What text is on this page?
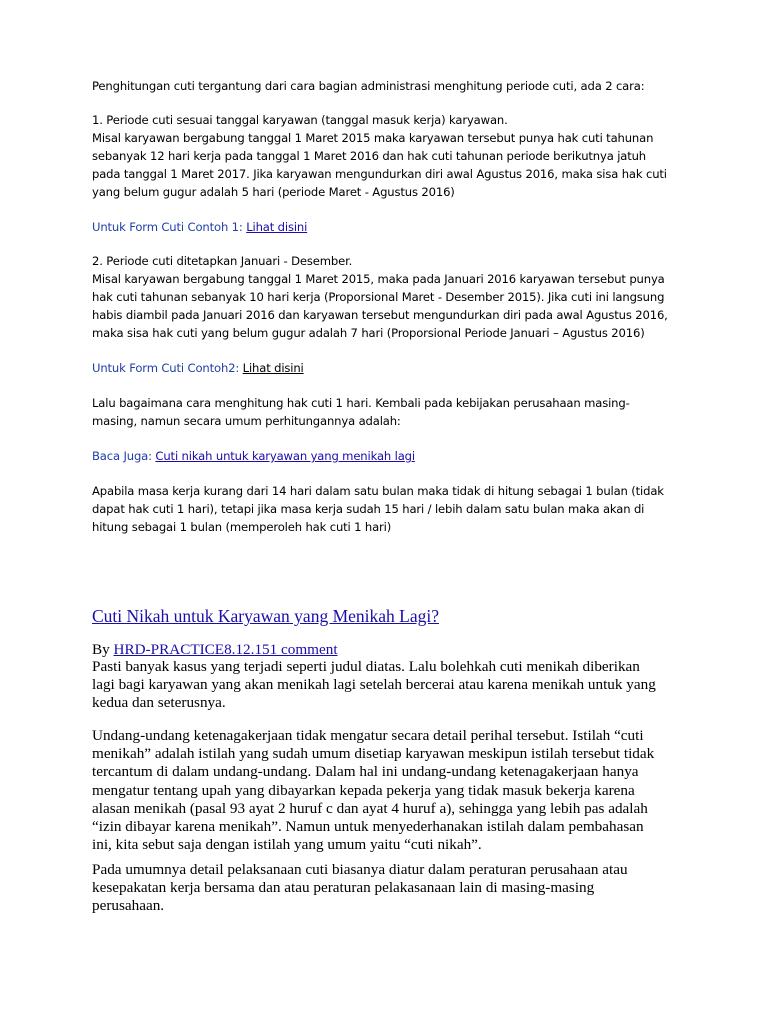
Penghitungan cuti tergantung dari cara bagian administrasi menghitung periode cuti, ada 2 cara:

1. Periode cuti sesuai tanggal karyawan (tanggal masuk kerja) karyawan.
Misal karyawan bergabung tanggal 1 Maret 2015 maka karyawan tersebut punya hak cuti tahunan
sebanyak 12 hari kerja pada tanggal 1 Maret 2016 dan hak cuti tahunan periode berikutnya jatuh
pada tanggal 1 Maret 2017. Jika karyawan mengundurkan diri awal Agustus 2016, maka sisa hak cuti
yang belum gugur adalah 5 hari (periode Maret - Agustus 2016)

Untuk Form Cuti Contoh 1: Lihat disini

2. Periode cuti ditetapkan Januari - Desember.
Misal karyawan bergabung tanggal 1 Maret 2015, maka pada Januari 2016 karyawan tersebut punya
hak cuti tahunan sebanyak 10 hari kerja (Proporsional Maret - Desember 2015). Jika cuti ini langsung
habis diambil pada Januari 2016 dan karyawan tersebut mengundurkan diri pada awal Agustus 2016,
maka sisa hak cuti yang belum gugur adalah 7 hari (Proporsional Periode Januari – Agustus 2016)

Untuk Form Cuti Contoh2: Lihat disini

Lalu bagaimana cara menghitung hak cuti 1 hari. Kembali pada kebijakan perusahaan masing-
masing, namun secara umum perhitungannya adalah:

Baca Juga: Cuti nikah untuk karyawan yang menikah lagi

Apabila masa kerja kurang dari 14 hari dalam satu bulan maka tidak di hitung sebagai 1 bulan (tidak
dapat hak cuti 1 hari), tetapi jika masa kerja sudah 15 hari / lebih dalam satu bulan maka akan di
hitung sebagai 1 bulan (memperoleh hak cuti 1 hari)

Cuti Nikah untuk Karyawan yang Menikah Lagi?

By HRD-PRACTICE8.12.151 comment

Pasti banyak kasus yang terjadi seperti judul diatas. Lalu bolehkah cuti menikah diberikan
lagi bagi karyawan yang akan menikah lagi setelah bercerai atau karena menikah untuk yang
kedua dan seterusnya.

Undang-undang ketenagakerjaan tidak mengatur secara detail perihal tersebut. Istilah “cuti
menikah” adalah istilah yang sudah umum disetiap karyawan meskipun istilah tersebut tidak
tercantum di dalam undang-undang. Dalam hal ini undang-undang ketenagakerjaan hanya
mengatur tentang upah yang dibayarkan kepada pekerja yang tidak masuk bekerja karena
alasan menikah (pasal 93 ayat 2 huruf c dan ayat 4 huruf a), sehingga yang lebih pas adalah
“izin dibayar karena menikah”. Namun untuk menyederhanakan istilah dalam pembahasan
ini, kita sebut saja dengan istilah yang umum yaitu “cuti nikah”.

Pada umumnya detail pelaksanaan cuti biasanya diatur dalam peraturan perusahaan atau
kesepakatan kerja bersama dan atau peraturan pelakasanaan lain di masing-masing
perusahaan.
